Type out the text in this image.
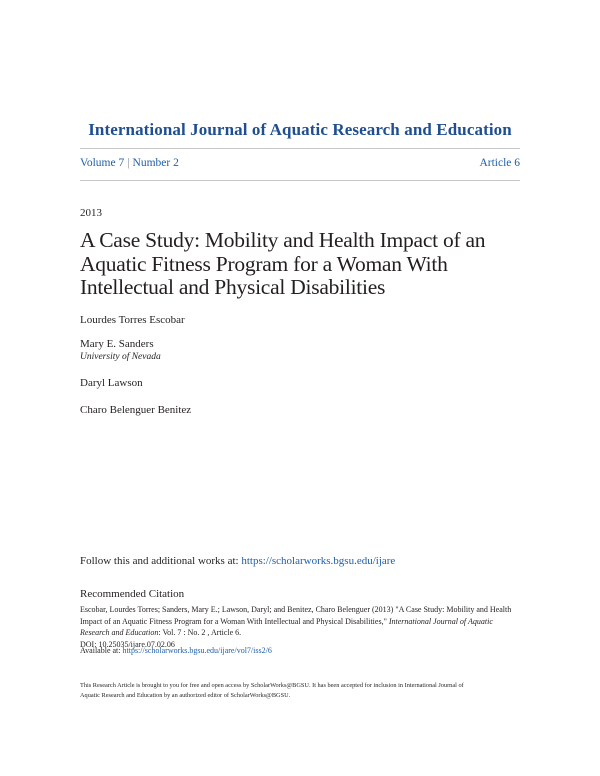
International Journal of Aquatic Research and Education
Volume 7 | Number 2	Article 6
2013
A Case Study: Mobility and Health Impact of an Aquatic Fitness Program for a Woman With Intellectual and Physical Disabilities
Lourdes Torres Escobar
Mary E. Sanders
University of Nevada
Daryl Lawson
Charo Belenguer Benitez
Follow this and additional works at: https://scholarworks.bgsu.edu/ijare
Recommended Citation
Escobar, Lourdes Torres; Sanders, Mary E.; Lawson, Daryl; and Benitez, Charo Belenguer (2013) "A Case Study: Mobility and Health
Impact of an Aquatic Fitness Program for a Woman With Intellectual and Physical Disabilities," International Journal of Aquatic
Research and Education: Vol. 7 : No. 2 , Article 6.
DOI: 10.25035/ijare.07.02.06
Available at: https://scholarworks.bgsu.edu/ijare/vol7/iss2/6
This Research Article is brought to you for free and open access by ScholarWorks@BGSU. It has been accepted for inclusion in International Journal of
Aquatic Research and Education by an authorized editor of ScholarWorks@BGSU.
